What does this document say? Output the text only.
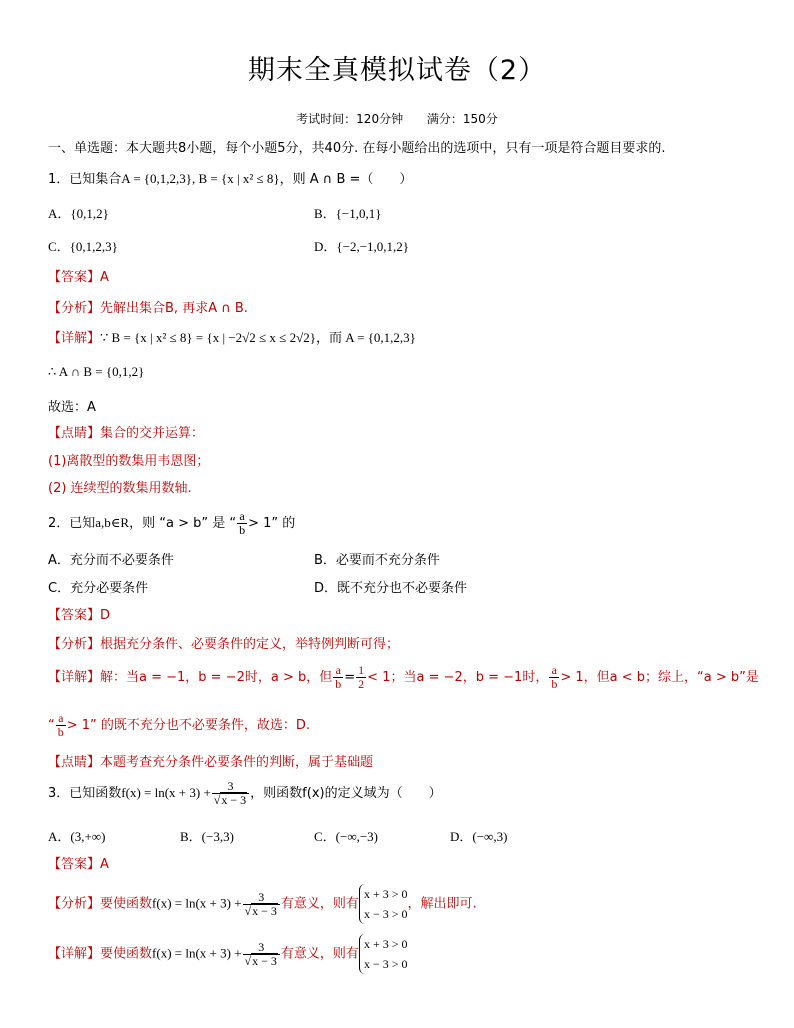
期末全真模拟试卷（2）
考试时间：120分钟 满分：150分
一、单选题：本大题共8小题，每个小题5分，共40分. 在每小题给出的选项中，只有一项是符合题目要求的.
1．已知集合A = {0,1,2,3}, B = {x | x² ≤ 8}，则 A ∩ B =（　　）
A．{0,1,2}	B．{−1,0,1}
C．{0,1,2,3}	D．{−2,−1,0,1,2}
【答案】A
【分析】先解出集合B, 再求A ∩ B.
【详解】∵ B = {x | x² ≤ 8} = {x | −2√2 ≤ x ≤ 2√2}，而 A = {0,1,2,3}
∴ A ∩ B = {0,1,2}
故选：A
【点睛】集合的交并运算：
(1)离散型的数集用韦恩图；
(2) 连续型的数集用数轴.
2．已知a,b∈R，则 “a > b” 是 “ $\frac{a}{b} > 1$” 的
A．充分而不必要条件	B．必要而不充分条件
C．充分必要条件	D．既不充分也不必要条件
【答案】D
【分析】根据充分条件、必要条件的定义，举特例判断可得；
【详解】解：当a = −1，b = −2时，a > b，但 $\frac{a}{b} = \frac{1}{2} < 1$；当a = −2，b = −1时， $\frac{a}{b} > 1$，但a < b；综上，“a > b”是
“ $\frac{a}{b} > 1$” 的既不充分也不必要条件，故选：D.
【点睛】本题考查充分条件必要条件的判断，属于基础题
3．已知函数$f(x) = \ln(x + 3) + \frac{3}{√x - 3}$ ，则函数f(x)的定义域为（　　）
A．(3,+∞)	B．(−3,3)	C．(−∞,−3)	D．(−∞,3)
【答案】A
【分析】要使函数$f(x) = \ln(x + 3) + \frac{3}{√x - 3}$ 有意义，则有
x + 3 > 0
x − 3 > 0
，解出即可.
【详解】要使函数$f(x) = \ln(x + 3) + \frac{3}{√x - 3}$ 有意义，则有
x + 3 > 0
x − 3 > 0
